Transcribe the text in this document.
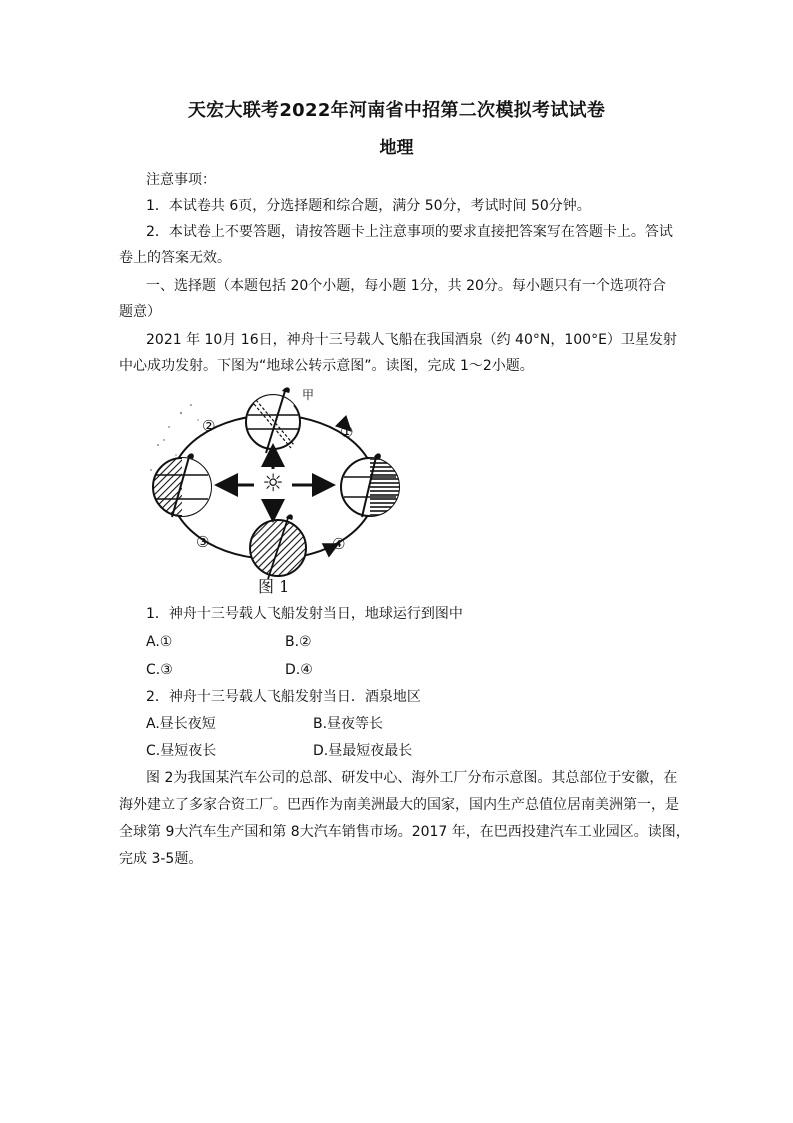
天宏大联考2022年河南省中招第二次模拟考试试卷
地理
注意事项：
1．本试卷共 6页，分选择题和综合题，满分 50分，考试时间 50分钟。
2．本试卷上不要答题，请按答题卡上注意事项的要求直接把答案写在答题卡上。答试
卷上的答案无效。
一、选择题（本题包括 20个小题，每小题 1分，共 20分。每小题只有一个选项符合
题意）
2021 年 10月 16日，神舟十三号载人飞船在我国酒泉（约 40°N，100°E）卫星发射
中心成功发射。下图为“地球公转示意图”。读图，完成 1～2小题。
☼
甲
①
②
③	④
图 1
1．神舟十三号载人飞船发射当日，地球运行到图中
A.①	B.②
C.③	D.④
2．神舟十三号载人飞船发射当日．酒泉地区
A.昼长夜短	B.昼夜等长
C.昼短夜长	D.昼最短夜最长
图 2为我国某汽车公司的总部、研发中心、海外工厂分布示意图。其总部位于安徽，在
海外建立了多家合资工厂。巴西作为南美洲最大的国家，国内生产总值位居南美洲第一，是
全球第 9大汽车生产国和第 8大汽车销售市场。2017 年，在巴西投建汽车工业园区。读图，
完成 3-5题。
